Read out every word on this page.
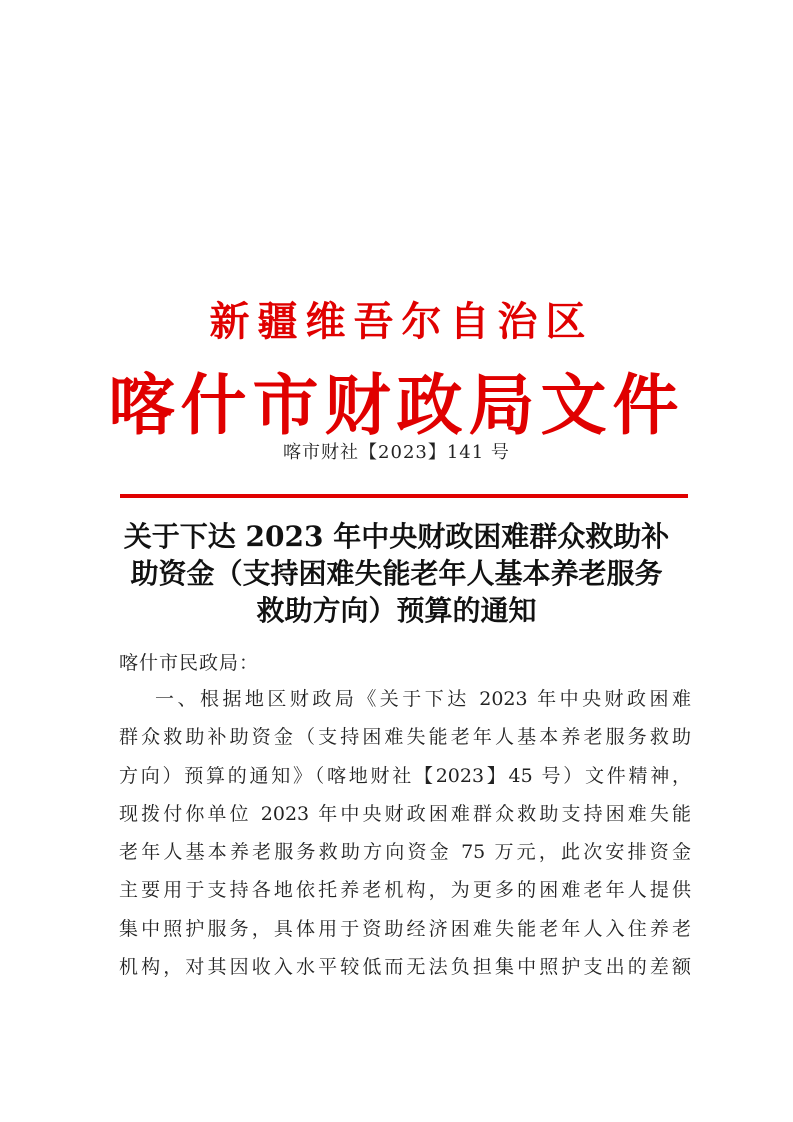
新疆维吾尔自治区
喀什市财政局文件
喀市财社【2023】141 号
关于下达 2023 年中央财政困难群众救助补
助资金（支持困难失能老年人基本养老服务
救助方向）预算的通知
喀什市民政局：
一、根据地区财政局《关于下达 2023 年中央财政困难
群众救助补助资金（支持困难失能老年人基本养老服务救助
方向）预算的通知》（喀地财社【2023】45 号）文件精神，
现拨付你单位 2023 年中央财政困难群众救助支持困难失能
老年人基本养老服务救助方向资金 75 万元，此次安排资金
主要用于支持各地依托养老机构，为更多的困难老年人提供
集中照护服务，具体用于资助经济困难失能老年人入住养老
机构，对其因收入水平较低而无法负担集中照护支出的差额
